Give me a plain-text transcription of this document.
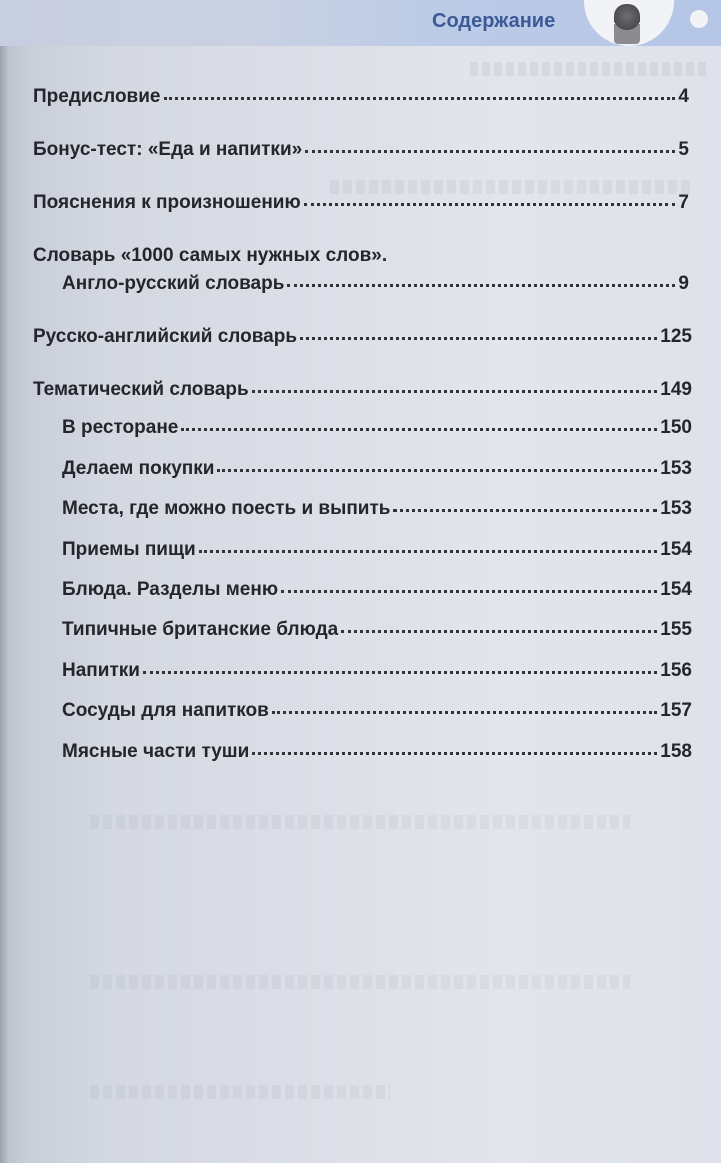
Содержание
Предисловие	4
Бонус-тест: «Еда и напитки»	5
Пояснения к произношению	7
Словарь «1000 самых нужных слов».
Англо-русский словарь	9
Русско-английский словарь	125
Тематический словарь	149
В ресторане	150
Делаем покупки	153
Места, где можно поесть и выпить	153
Приемы пищи	154
Блюда. Разделы меню	154
Типичные британские блюда	155
Напитки	156
Сосуды для напитков	157
Мясные части туши	158
